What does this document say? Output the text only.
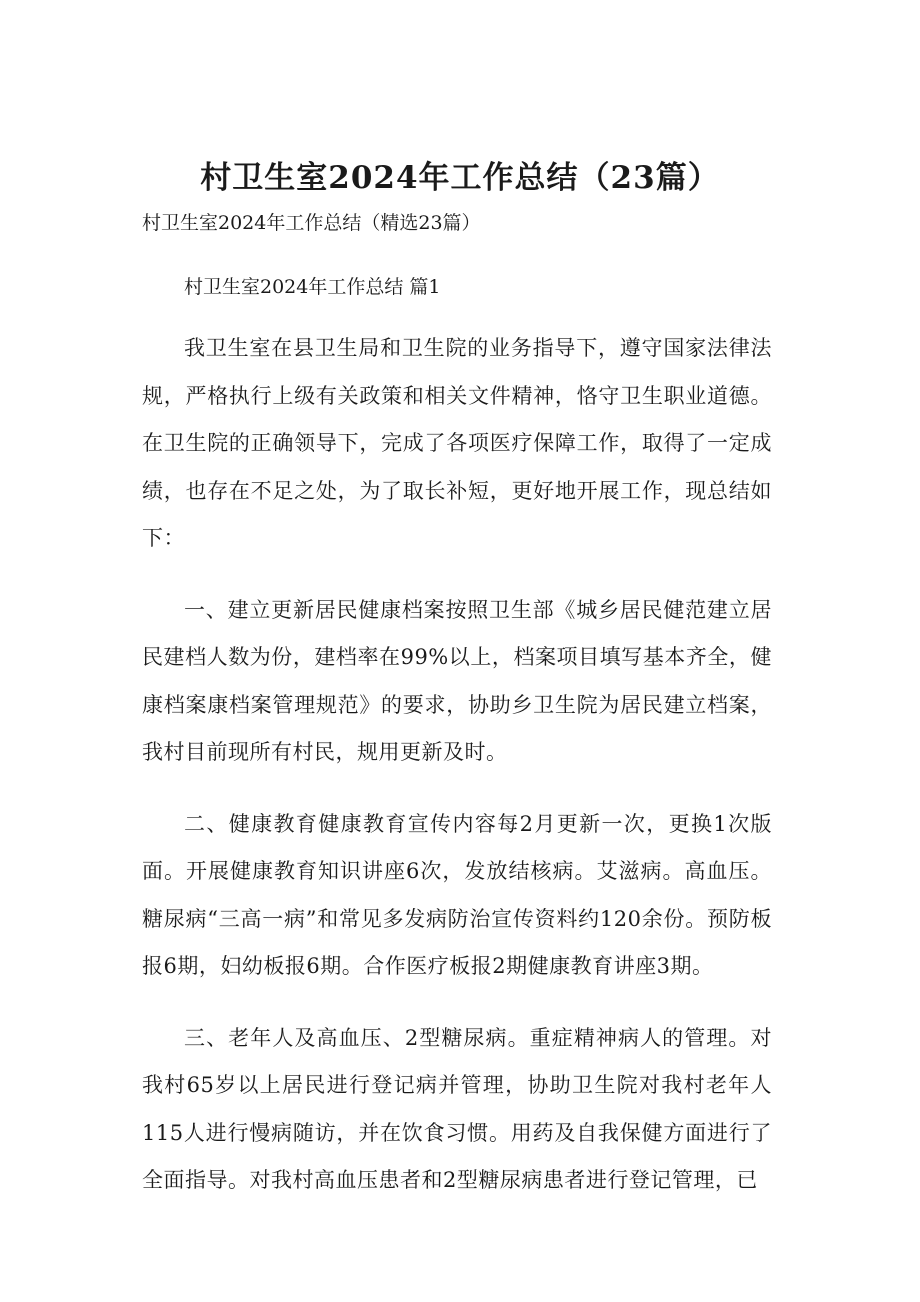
村卫生室2024年工作总结（23篇）

村卫生室2024年工作总结（精选23篇）

村卫生室2024年工作总结 篇1

我卫生室在县卫生局和卫生院的业务指导下，遵守国家法律法规，严格执行上级有关政策和相关文件精神，恪守卫生职业道德。在卫生院的正确领导下，完成了各项医疗保障工作，取得了一定成绩，也存在不足之处，为了取长补短，更好地开展工作，现总结如下：

一、建立更新居民健康档案按照卫生部《城乡居民健范建立居民建档人数为份，建档率在99%以上，档案项目填写基本齐全，健康档案康档案管理规范》的要求，协助乡卫生院为居民建立档案，我村目前现所有村民，规用更新及时。

二、健康教育健康教育宣传内容每2月更新一次，更换1次版面。开展健康教育知识讲座6次，发放结核病。艾滋病。高血压。糖尿病“三高一病”和常见多发病防治宣传资料约120余份。预防板报6期，妇幼板报6期。合作医疗板报2期健康教育讲座3期。

三、老年人及高血压、2型糖尿病。重症精神病人的管理。对我村65岁以上居民进行登记病并管理，协助卫生院对我村老年人115人进行慢病随访，并在饮食习惯。用药及自我保健方面进行了全面指导。对我村高血压患者和2型糖尿病患者进行登记管理，已
